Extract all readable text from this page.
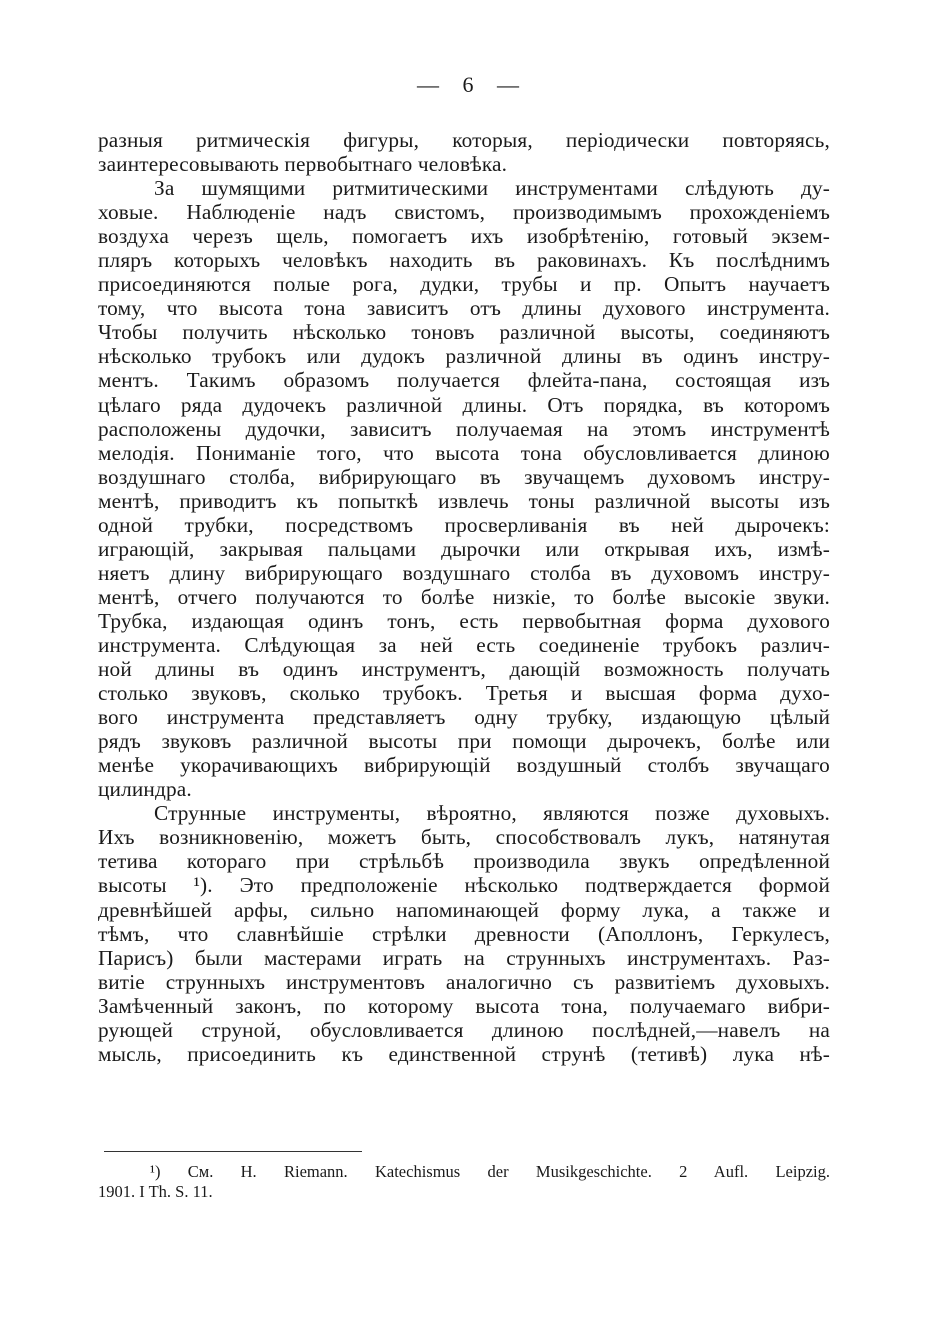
— 6 —
разныя ритмическія фигуры, которыя, періодически повторяясь,
заинтересовывають первобытнаго человѣка.
За шумящими ритмитическими инструментами слѣдують ду-
ховые. Наблюденіе надъ свистомъ, производимымъ прохожденіемъ
воздуха черезъ щель, помогаетъ ихъ изобрѣтенію, готовый экзем-
пляръ которыхъ человѣкъ находить въ раковинахъ. Къ послѣднимъ
присоединяются полые рога, дудки, трубы и пр. Опытъ научаетъ
тому, что высота тона зависитъ отъ длины духового инструмента.
Чтобы получить нѣсколько тоновъ различной высоты, соединяютъ
нѣсколько трубокъ или дудокъ различной длины въ одинъ инстру-
ментъ. Такимъ образомъ получается флейта-пана, состоящая изъ
цѣлаго ряда дудочекъ различной длины. Отъ порядка, въ которомъ
расположены дудочки, зависитъ получаемая на этомъ инструментѣ
мелодія. Пониманіе того, что высота тона обусловливается длиною
воздушнаго столба, вибрирующаго въ звучащемъ духовомъ инстру-
ментѣ, приводитъ къ попыткѣ извлечь тоны различной высоты изъ
одной трубки, посредствомъ просверливанія въ ней дырочекъ:
играющій, закрывая пальцами дырочки или открывая ихъ, измѣ-
няетъ длину вибрирующаго воздушнаго столба въ духовомъ инстру-
ментѣ, отчего получаются то болѣе низкіе, то болѣе высокіе звуки.
Трубка, издающая одинъ тонъ, есть первобытная форма духового
инструмента. Слѣдующая за ней есть соединеніе трубокъ различ-
ной длины въ одинъ инструментъ, дающій возможность получать
столько звуковъ, сколько трубокъ. Третья и высшая форма духо-
вого инструмента представляетъ одну трубку, издающую цѣлый
рядъ звуковъ различной высоты при помощи дырочекъ, болѣе или
менѣе укорачивающихъ вибрирующій воздушный столбъ звучащаго
цилиндра.
Струнные инструменты, вѣроятно, являются позже духовыхъ.
Ихъ возникновенію, можетъ быть, способствовалъ лукъ, натянутая
тетива котораго при стрѣльбѣ производила звукъ опредѣленной
высоты ¹). Это предположеніе нѣсколько подтверждается формой
древнѣйшей арфы, сильно напоминающей форму лука, а также и
тѣмъ, что славнѣйшіе стрѣлки древности (Аполлонъ, Геркулесъ,
Парисъ) были мастерами играть на струнныхъ инструментахъ. Раз-
витіе струнныхъ инструментовъ аналогично съ развитіемъ духовыхъ.
Замѣченный законъ, по которому высота тона, получаемаго вибри-
рующей струной, обусловливается длиною послѣдней,—навелъ на
мысль, присоединить къ единственной струнѣ (тетивѣ) лука нѣ-
¹) См. H. Riemann. Katechismus der Musikgeschichte. 2 Aufl. Leipzig.
1901. I Th. S. 11.
